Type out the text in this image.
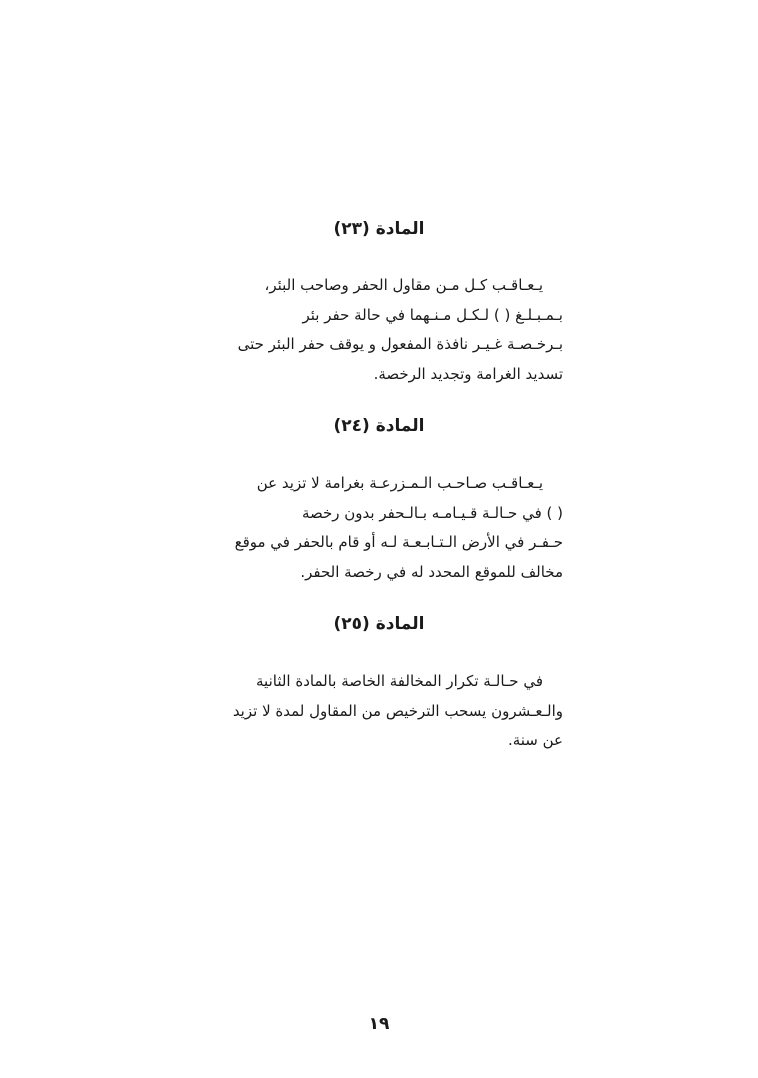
المادة (٢٣)
يـعـاقـب كـل مـن مقاول الحفر وصاحب البئر،
بـمـبـلـغ ( ) لـكـل مـنـهما في حالة حفر بئر
بـرخـصـة غـيـر نافذة المفعول و يوقف حفر البئر حتى
تسديد الغرامة وتجديد الرخصة.
المادة (٢٤)
يـعـاقـب صـاحـب الـمـزرعـة بغرامة لا تزيد عن
( ) في حـالـة قـيـامـه بـالـحفر بدون رخصة
حـفـر في الأرض الـتـابـعـة لـه أو قام بالحفر في موقع
مخالف للموقع المحدد له في رخصة الحفر.
المادة (٢٥)
في حـالـة تكرار المخالفة الخاصة بالمادة الثانية
والـعـشرون يسحب الترخيص من المقاول لمدة لا تزيد
عن سنة.
١٩
